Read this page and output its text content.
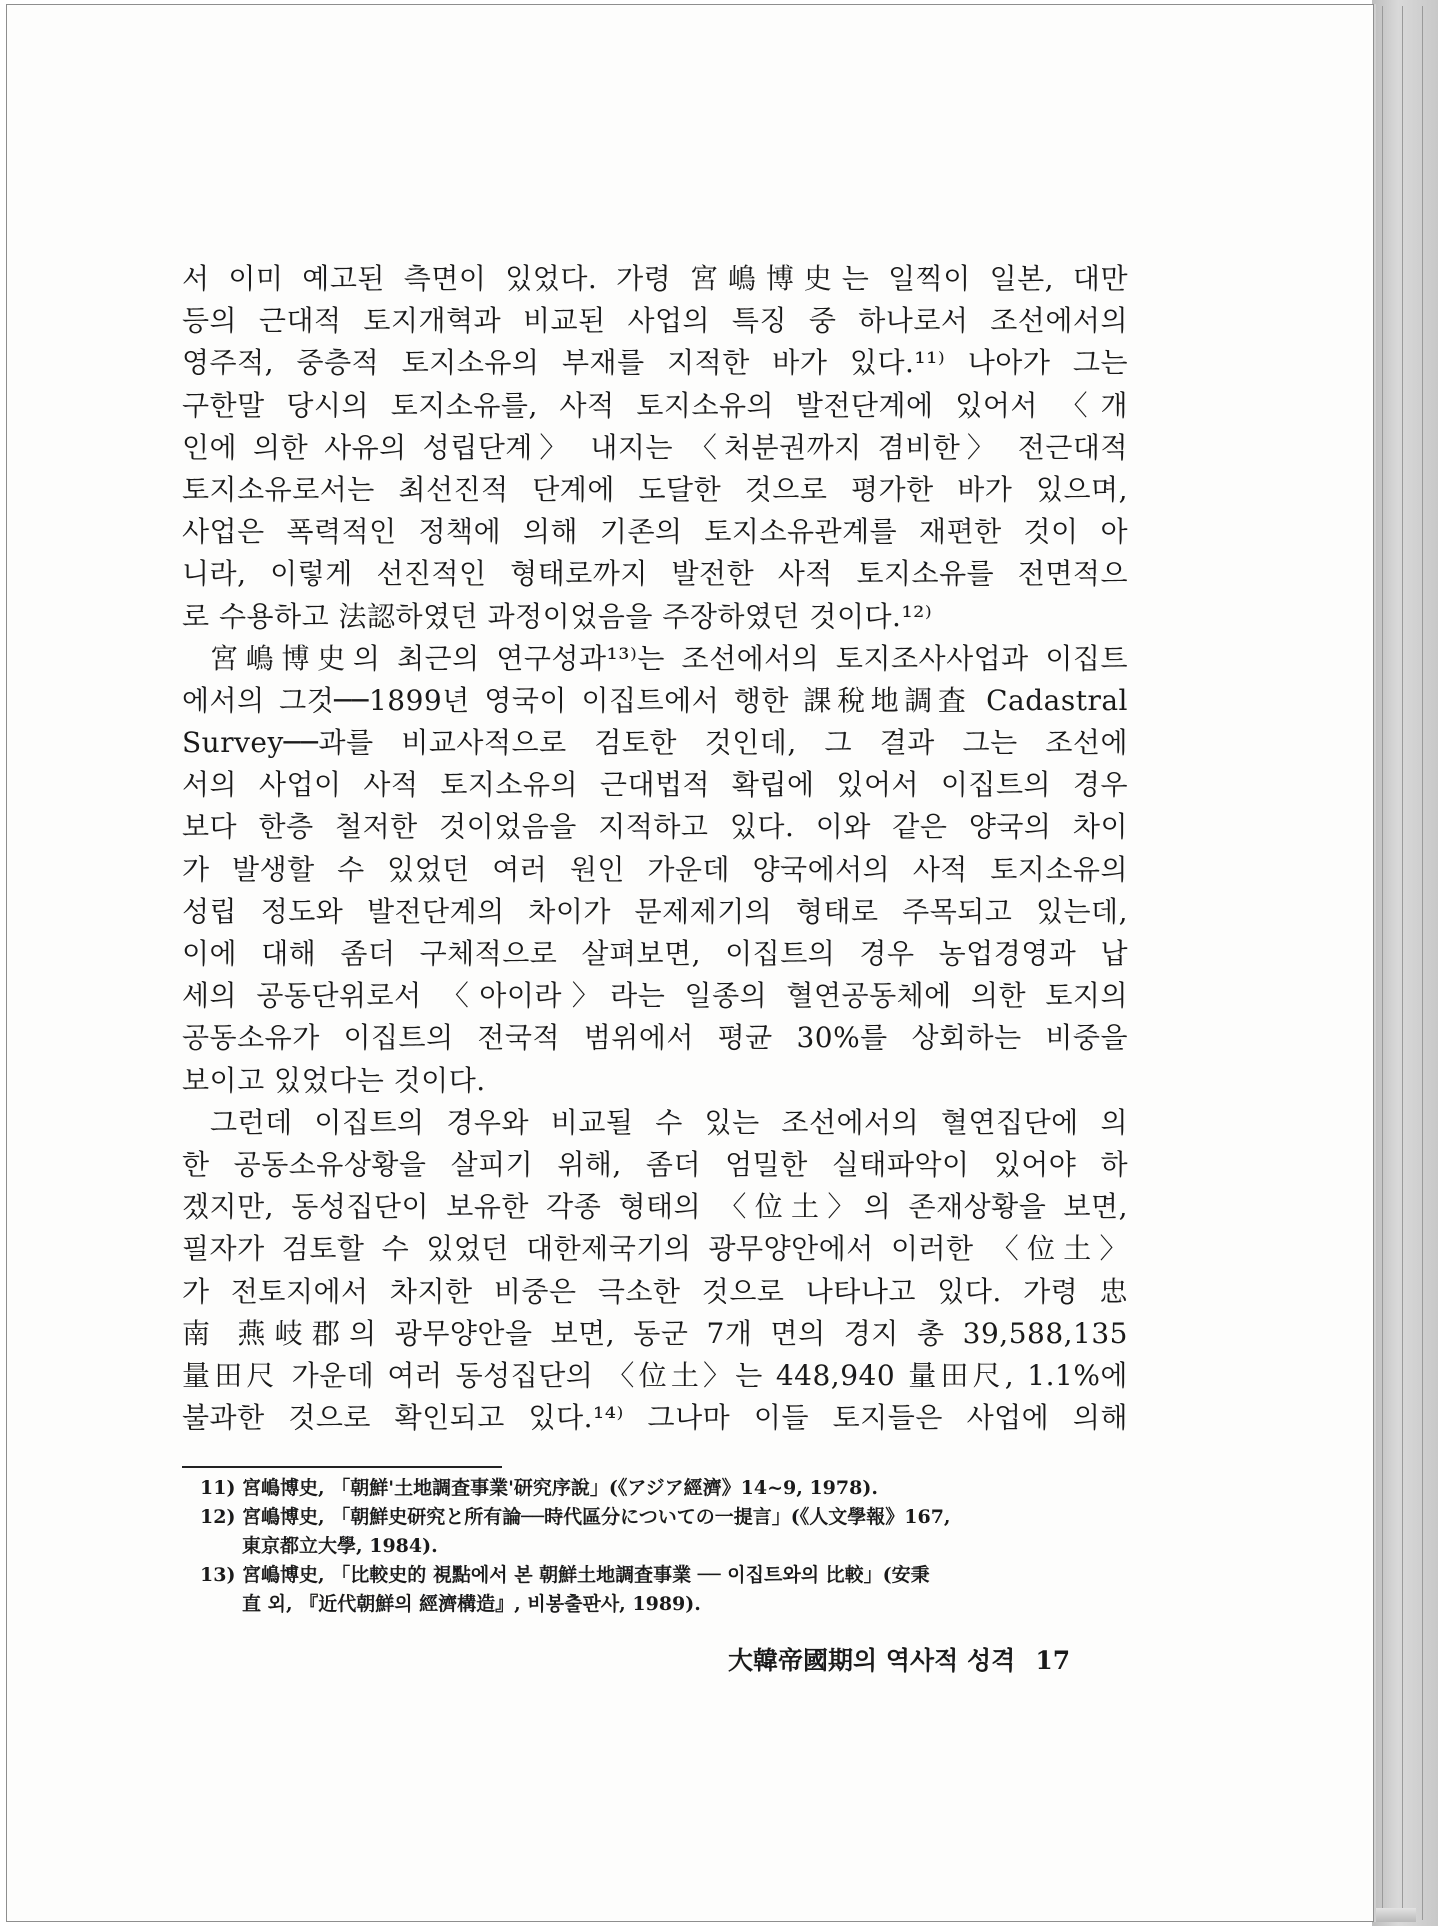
서 이미 예고된 측면이 있었다. 가령 宮嶋博史는 일찍이 일본, 대만
등의 근대적 토지개혁과 비교된 사업의 특징 중 하나로서 조선에서의
영주적, 중층적 토지소유의 부재를 지적한 바가 있다.¹¹⁾ 나아가 그는
구한말 당시의 토지소유를, 사적 토지소유의 발전단계에 있어서 〈개
인에 의한 사유의 성립단계〉 내지는 〈처분권까지 겸비한〉 전근대적
토지소유로서는 최선진적 단계에 도달한 것으로 평가한 바가 있으며,
사업은 폭력적인 정책에 의해 기존의 토지소유관계를 재편한 것이 아
니라, 이렇게 선진적인 형태로까지 발전한 사적 토지소유를 전면적으
로 수용하고 法認하였던 과정이었음을 주장하였던 것이다.¹²⁾
宮嶋博史의 최근의 연구성과¹³⁾는 조선에서의 토지조사사업과 이집트
에서의 그것──1899년 영국이 이집트에서 행한 課稅地調査 Cadastral
Survey──과를 비교사적으로 검토한 것인데, 그 결과 그는 조선에
서의 사업이 사적 토지소유의 근대법적 확립에 있어서 이집트의 경우
보다 한층 철저한 것이었음을 지적하고 있다. 이와 같은 양국의 차이
가 발생할 수 있었던 여러 원인 가운데 양국에서의 사적 토지소유의
성립 정도와 발전단계의 차이가 문제제기의 형태로 주목되고 있는데,
이에 대해 좀더 구체적으로 살펴보면, 이집트의 경우 농업경영과 납
세의 공동단위로서 〈아이라〉라는 일종의 혈연공동체에 의한 토지의
공동소유가 이집트의 전국적 범위에서 평균 30%를 상회하는 비중을
보이고 있었다는 것이다.
그런데 이집트의 경우와 비교될 수 있는 조선에서의 혈연집단에 의
한 공동소유상황을 살피기 위해, 좀더 엄밀한 실태파악이 있어야 하
겠지만, 동성집단이 보유한 각종 형태의 〈位土〉의 존재상황을 보면,
필자가 검토할 수 있었던 대한제국기의 광무양안에서 이러한 〈位土〉
가 전토지에서 차지한 비중은 극소한 것으로 나타나고 있다. 가령 忠
南 燕岐郡의 광무양안을 보면, 동군 7개 면의 경지 총 39,588,135
量田尺 가운데 여러 동성집단의 〈位土〉는 448,940 量田尺, 1.1%에
불과한 것으로 확인되고 있다.¹⁴⁾ 그나마 이들 토지들은 사업에 의해
11) 宮嶋博史, 「朝鮮'土地調査事業'研究序說」(《アジア經濟》14~9, 1978).
12) 宮嶋博史, 「朝鮮史研究と所有論──時代區分についての一提言」(《人文學報》167,
東京都立大學, 1984).
13) 宮嶋博史, 「比較史的 視點에서 본 朝鮮土地調査事業 ── 이집트와의 比較」(安秉
直 외, 『近代朝鮮의 經濟構造』, 비봉출판사, 1989).
大韓帝國期의 역사적 성격 17
